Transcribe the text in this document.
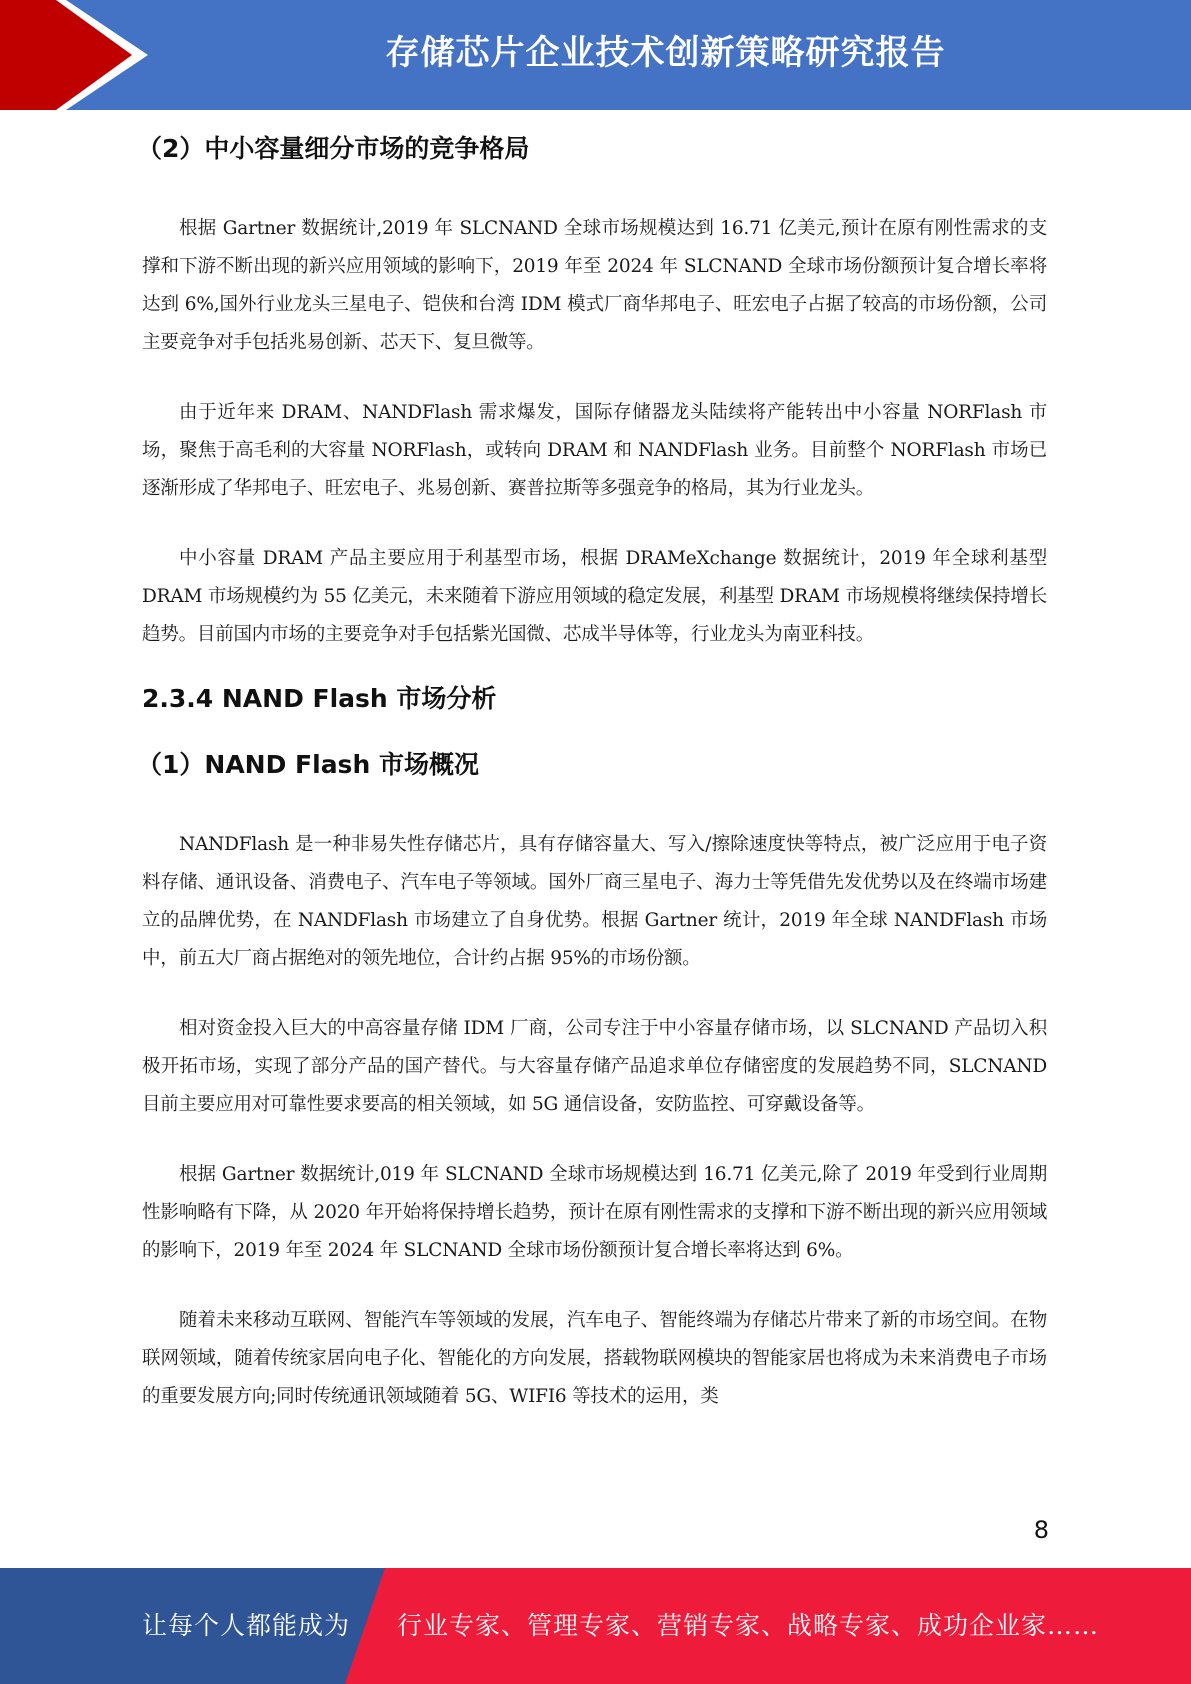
存储芯片企业技术创新策略研究报告
（2）中小容量细分市场的竞争格局

根据 Gartner 数据统计,2019 年 SLCNAND 全球市场规模达到 16.71 亿美元,预计在原有刚性需求的支撑和下游不断出现的新兴应用领域的影响下，2019 年至 2024 年 SLCNAND 全球市场份额预计复合增长率将达到 6%,国外行业龙头三星电子、铠侠和台湾 IDM 模式厂商华邦电子、旺宏电子占据了较高的市场份额，公司主要竞争对手包括兆易创新、芯天下、复旦微等。

由于近年来 DRAM、NANDFlash 需求爆发，国际存储器龙头陆续将产能转出中小容量 NORFlash 市场，聚焦于高毛利的大容量 NORFlash，或转向 DRAM 和 NANDFlash 业务。目前整个 NORFlash 市场已逐渐形成了华邦电子、旺宏电子、兆易创新、赛普拉斯等多强竞争的格局，其为行业龙头。

中小容量 DRAM 产品主要应用于利基型市场，根据 DRAMeXchange 数据统计，2019 年全球利基型 DRAM 市场规模约为 55 亿美元，未来随着下游应用领域的稳定发展，利基型 DRAM 市场规模将继续保持增长趋势。目前国内市场的主要竞争对手包括紫光国微、芯成半导体等，行业龙头为南亚科技。

2.3.4 NAND Flash 市场分析
（1）NAND Flash 市场概况

NANDFlash 是一种非易失性存储芯片，具有存储容量大、写入/擦除速度快等特点，被广泛应用于电子资料存储、通讯设备、消费电子、汽车电子等领域。国外厂商三星电子、海力士等凭借先发优势以及在终端市场建立的品牌优势，在 NANDFlash 市场建立了自身优势。根据 Gartner 统计，2019 年全球 NANDFlash 市场中，前五大厂商占据绝对的领先地位，合计约占据 95%的市场份额。

相对资金投入巨大的中高容量存储 IDM 厂商，公司专注于中小容量存储市场，以 SLCNAND 产品切入积极开拓市场，实现了部分产品的国产替代。与大容量存储产品追求单位存储密度的发展趋势不同，SLCNAND 目前主要应用对可靠性要求要高的相关领域，如 5G 通信设备，安防监控、可穿戴设备等。

根据 Gartner 数据统计,019 年 SLCNAND 全球市场规模达到 16.71 亿美元,除了 2019 年受到行业周期性影响略有下降，从 2020 年开始将保持增长趋势，预计在原有刚性需求的支撑和下游不断出现的新兴应用领域的影响下，2019 年至 2024 年 SLCNAND 全球市场份额预计复合增长率将达到 6%。

随着未来移动互联网、智能汽车等领域的发展，汽车电子、智能终端为存储芯片带来了新的市场空间。在物联网领域，随着传统家居向电子化、智能化的方向发展，搭载物联网模块的智能家居也将成为未来消费电子市场的重要发展方向;同时传统通讯领域随着 5G、WIFI6 等技术的运用，类

8
让每个人都能成为 行业专家、管理专家、营销专家、战略专家、成功企业家……
